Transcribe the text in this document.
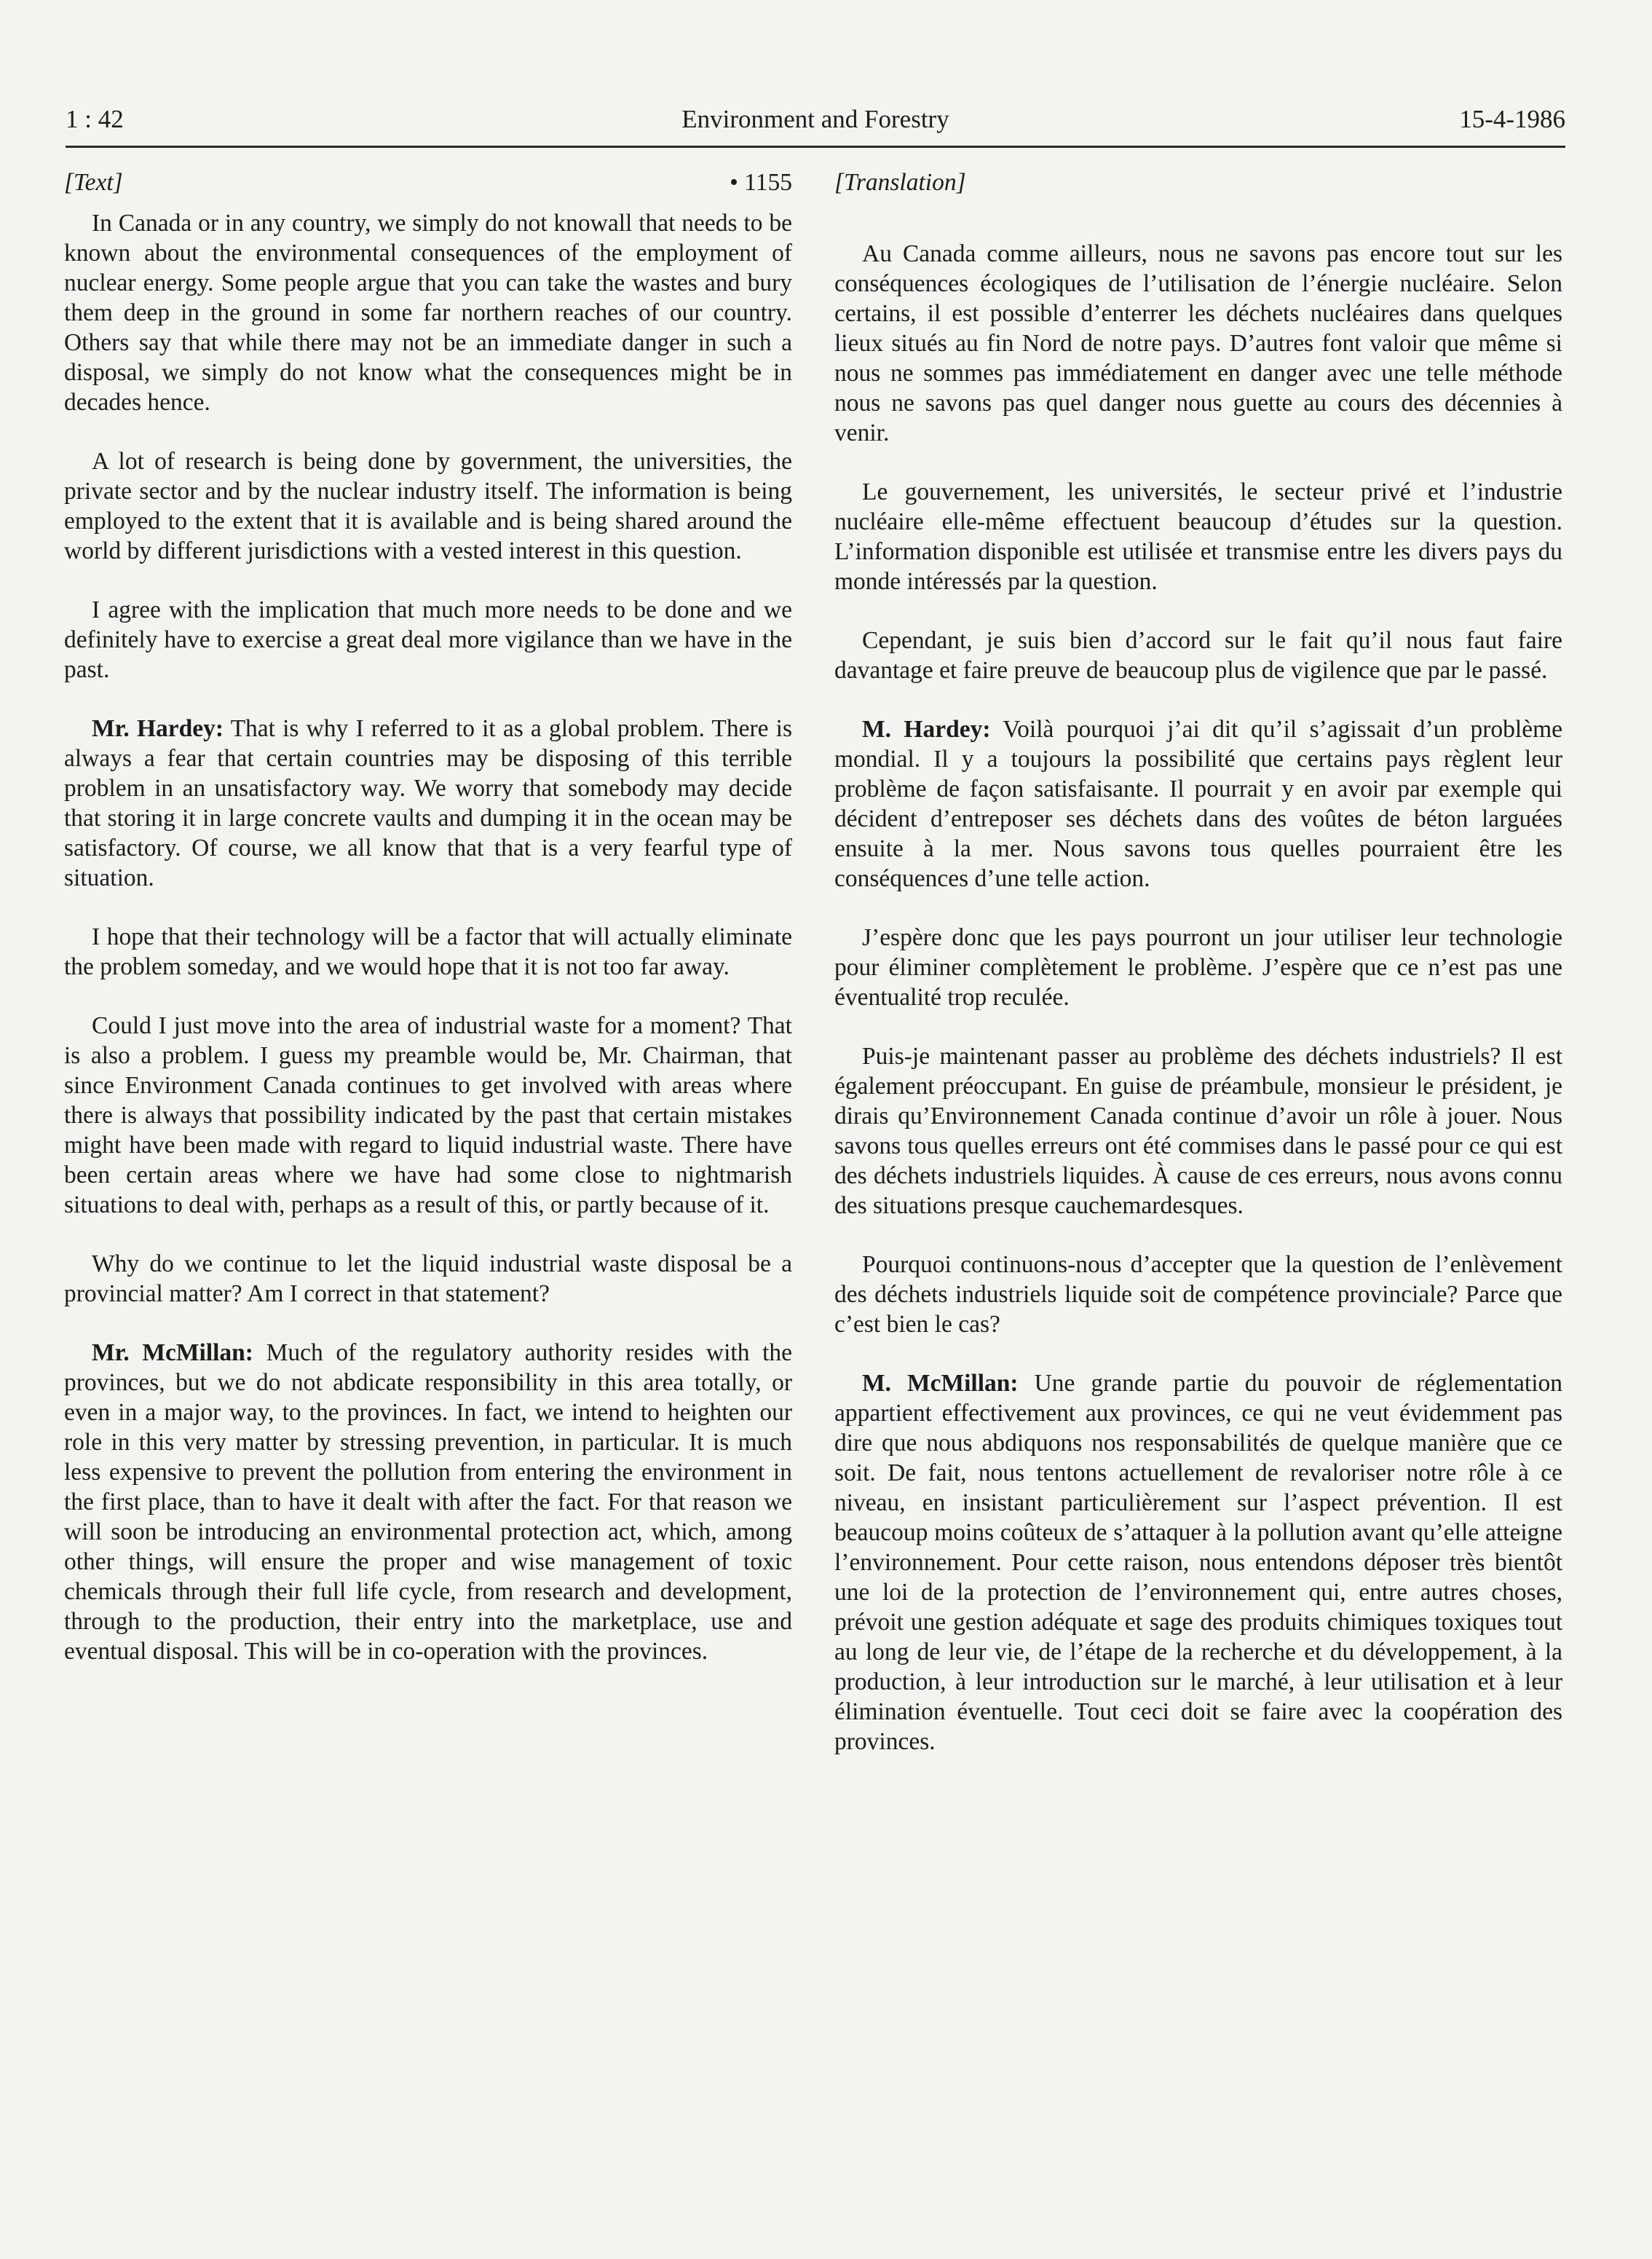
1 : 42	Environment and Forestry	15-4-1986

[Text]	• 1155

In Canada or in any country, we simply do not knowall that needs to be known about the environmental consequences of the employment of nuclear energy. Some people argue that you can take the wastes and bury them deep in the ground in some far northern reaches of our country. Others say that while there may not be an immediate danger in such a disposal, we simply do not know what the consequences might be in decades hence.

A lot of research is being done by government, the universities, the private sector and by the nuclear industry itself. The information is being employed to the extent that it is available and is being shared around the world by different jurisdictions with a vested interest in this question.

I agree with the implication that much more needs to be done and we definitely have to exercise a great deal more vigilance than we have in the past.

Mr. Hardey: That is why I referred to it as a global problem. There is always a fear that certain countries may be disposing of this terrible problem in an unsatisfactory way. We worry that somebody may decide that storing it in large concrete vaults and dumping it in the ocean may be satisfactory. Of course, we all know that that is a very fearful type of situation.

I hope that their technology will be a factor that will actually eliminate the problem someday, and we would hope that it is not too far away.

Could I just move into the area of industrial waste for a moment? That is also a problem. I guess my preamble would be, Mr. Chairman, that since Environment Canada continues to get involved with areas where there is always that possibility indicated by the past that certain mistakes might have been made with regard to liquid industrial waste. There have been certain areas where we have had some close to nightmarish situations to deal with, perhaps as a result of this, or partly because of it.

Why do we continue to let the liquid industrial waste disposal be a provincial matter? Am I correct in that statement?

Mr. McMillan: Much of the regulatory authority resides with the provinces, but we do not abdicate responsibility in this area totally, or even in a major way, to the provinces. In fact, we intend to heighten our role in this very matter by stressing prevention, in particular. It is much less expensive to prevent the pollution from entering the environment in the first place, than to have it dealt with after the fact. For that reason we will soon be introducing an environmental protection act, which, among other things, will ensure the proper and wise management of toxic chemicals through their full life cycle, from research and development, through to the production, their entry into the marketplace, use and eventual disposal. This will be in co-operation with the provinces.

[Translation]

Au Canada comme ailleurs, nous ne savons pas encore tout sur les conséquences écologiques de l’utilisation de l’énergie nucléaire. Selon certains, il est possible d’enterrer les déchets nucléaires dans quelques lieux situés au fin Nord de notre pays. D’autres font valoir que même si nous ne sommes pas immédiatement en danger avec une telle méthode nous ne savons pas quel danger nous guette au cours des décennies à venir.

Le gouvernement, les universités, le secteur privé et l’industrie nucléaire elle-même effectuent beaucoup d’études sur la question. L’information disponible est utilisée et transmise entre les divers pays du monde intéressés par la question.

Cependant, je suis bien d’accord sur le fait qu’il nous faut faire davantage et faire preuve de beaucoup plus de vigilence que par le passé.

M. Hardey: Voilà pourquoi j’ai dit qu’il s’agissait d’un problème mondial. Il y a toujours la possibilité que certains pays règlent leur problème de façon satisfaisante. Il pourrait y en avoir par exemple qui décident d’entreposer ses déchets dans des voûtes de béton larguées ensuite à la mer. Nous savons tous quelles pourraient être les conséquences d’une telle action.

J’espère donc que les pays pourront un jour utiliser leur technologie pour éliminer complètement le problème. J’espère que ce n’est pas une éventualité trop reculée.

Puis-je maintenant passer au problème des déchets industriels? Il est également préoccupant. En guise de préambule, monsieur le président, je dirais qu’Environnement Canada continue d’avoir un rôle à jouer. Nous savons tous quelles erreurs ont été commises dans le passé pour ce qui est des déchets industriels liquides. À cause de ces erreurs, nous avons connu des situations presque cauchemardesques.

Pourquoi continuons-nous d’accepter que la question de l’enlèvement des déchets industriels liquide soit de compétence provinciale? Parce que c’est bien le cas?

M. McMillan: Une grande partie du pouvoir de réglementation appartient effectivement aux provinces, ce qui ne veut évidemment pas dire que nous abdiquons nos responsabilités de quelque manière que ce soit. De fait, nous tentons actuellement de revaloriser notre rôle à ce niveau, en insistant particulièrement sur l’aspect prévention. Il est beaucoup moins coûteux de s’attaquer à la pollution avant qu’elle atteigne l’environnement. Pour cette raison, nous entendons déposer très bientôt une loi de la protection de l’environnement qui, entre autres choses, prévoit une gestion adéquate et sage des produits chimiques toxiques tout au long de leur vie, de l’étape de la recherche et du développement, à la production, à leur introduction sur le marché, à leur utilisation et à leur élimination éventuelle. Tout ceci doit se faire avec la coopération des provinces.
